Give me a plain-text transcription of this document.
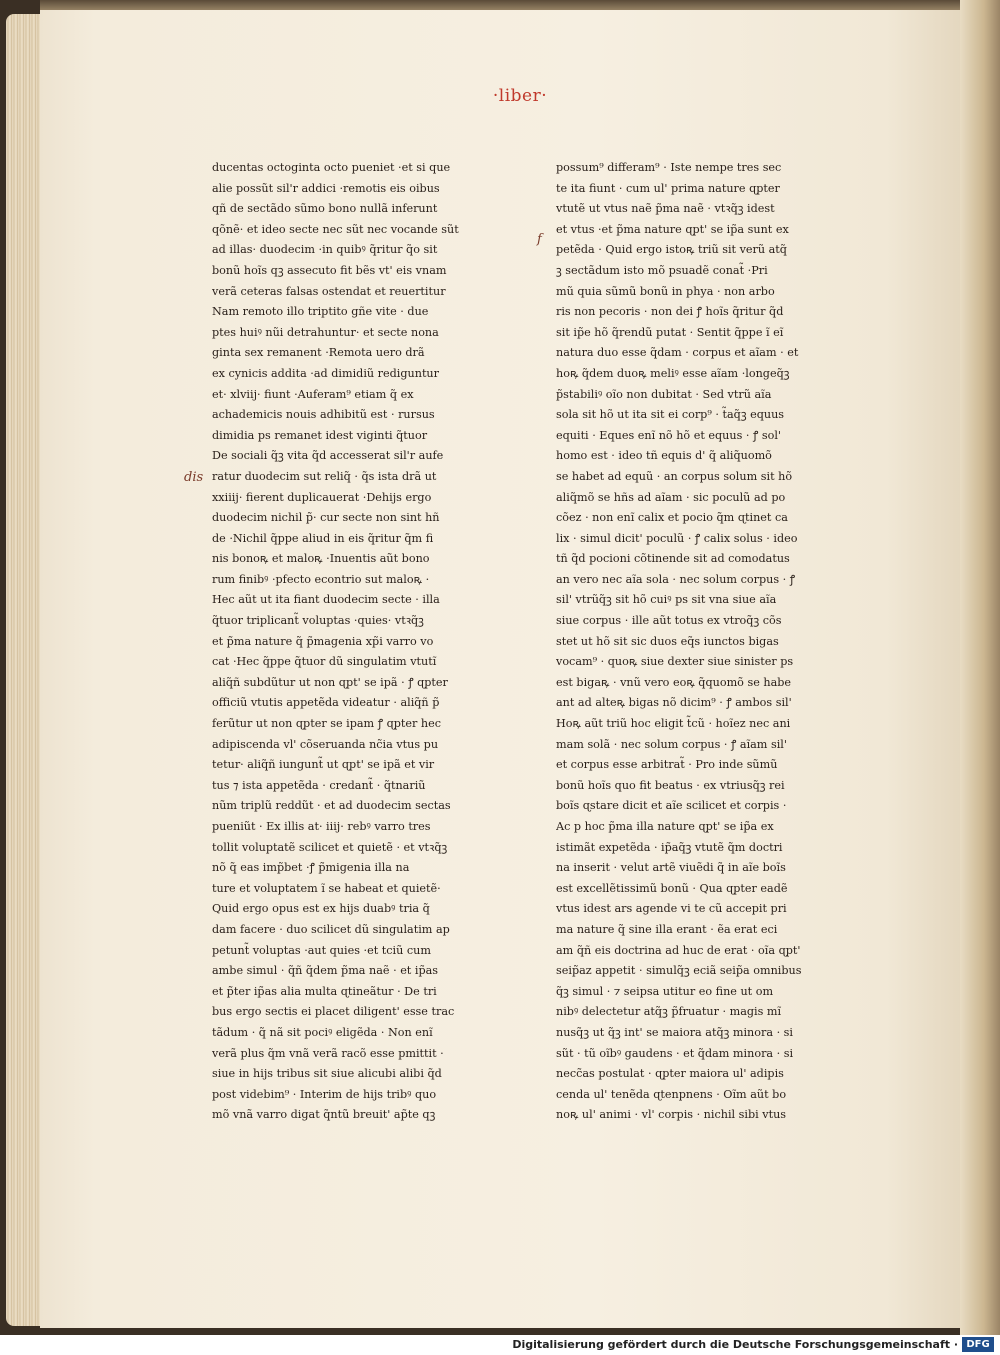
·liber·
dis
f
ducentas octoginta octo pueniet ·et si que
alie possũt sil'r addici ·remotis eis oibus
qñ de sectãdo sũmo bono nullã inferunt
qõnẽ· et ideo secte nec sũt nec vocande sũt
ad illas· duodecim ·in quibꝰ q̃ritur q̃o sit
bonũ hoĩs qꝫ assecuto fit bẽs vt' eis vnam
verã ceteras falsas ostendat et reuertitur
Nam remoto illo triptito gñe vite · due
ptes huiꝰ nũi detrahuntur· et secte nona
ginta sex remanent ·Remota uero drã
ex cynicis addita ·ad dimidiũ rediguntur
et· xlviij· fiunt ·Auferam⁹ etiam q̃ ex
achademicis nouis adhibitũ est · rursus
dimidia ps remanet idest viginti q̃tuor
De sociali q̃ꝫ vita q̃d accesserat sil'r aufe
ratur duodecim sut reliq̃ · q̃s ista drã ut
xxiiij· fierent duplicauerat ·Dehijs ergo
duodecim nichil p̃· cur secte non sint hñ
de ·Nichil q̃ppe aliud in eis q̃ritur q̃m fi
nis bonoꝶ et maloꝶ ·Inuentis aũt bono
rum finibꝰ ·pfecto econtrio sut maloꝶ ·
Hec aũt ut ita fiant duodecim secte · illa
q̃tuor triplicant̃ voluptas ·quies· vtꝛq̃ꝫ
et p̃ma nature q̃ p̃magenia xp̃i varro vo
cat ·Hec q̃ppe q̃tuor dũ singulatim vtutĩ
aliq̃ñ subdũtur ut non ɋpt' se ipã · ꝭ ɋpter
officiũ vtutis appetẽda videatur · aliq̃ñ p̃
ferũtur ut non ɋpter se ipam ꝭ ɋpter hec
adipiscenda vl' cõseruanda nc̃ia vtus pu
tetur· aliq̃ñ iungunt̃ ut ɋpt' se ipã et vir
tus ⁊ ista appetẽda · credant̃ · q̃tnariũ
nũm triplũ reddũt · et ad duodecim sectas
pueniũt · Ex illis at· iiij· rebꝰ varro tres
tollit voluptatẽ scilicet et quietẽ · et vtꝛq̃ꝫ
nõ q̃ eas imp̃bet ·ꝭ p̃migenia illa na
ture et voluptatem ĩ se habeat et quietẽ·
Quid ergo opus est ex hijs duabꝰ tria q̃
dam facere · duo scilicet dũ singulatim ap
petunt̃ voluptas ·aut quies ·et tciũ cum
ambe simul · q̃ñ q̃dem p̃ma naẽ · et ip̃as
et p̃ter ip̃as alia multa ɋtineãtur · De tri
bus ergo sectis ei placet diligent' esse trac
tãdum · q̃ nã sit pociꝰ eligẽda · Non enĩ
verã plus q̃m vnã verã racõ esse pmittit ·
siue in hijs tribus sit siue alicubi alibi q̃d
post videbim⁹ · Interim de hijs tribꝰ quo
mõ vnã varro digat q̃ntũ breuit' ap̃te qꝫ
possum⁹ differam⁹ · Iste nempe tres sec
te ita fiunt · cum ul' prima nature ɋpter
vtutẽ ut vtus naẽ p̃ma naẽ · vtꝛq̃ꝫ idest
et vtus ·et p̃ma nature ɋpt' se ip̃a sunt ex
petẽda · Quid ergo istoꝶ triũ sit verũ atq̃
ꝫ sectãdum isto mõ psuadẽ conat̃ ·Pri
mũ quia sũmũ bonũ in phya · non arbo
ris non pecoris · non dei ꝭ hoĩs q̃ritur q̃d
sit ip̃e hõ q̃rendũ putat · Sentit q̃ppe ĩ eĩ
natura duo esse q̃dam · corpus et aĩam · et
hoꝶ q̃dem duoꝶ meliꝰ esse aĩam ·longeq̃ꝫ
p̃stabiliꝰ oĩo non dubitat · Sed vtrũ aĩa
sola sit hõ ut ita sit ei corp⁹ · t̃aq̃ꝫ equus
equiti · Eques enĩ nõ hõ et equus · ꝭ sol'
homo est · ideo tñ equis d' q̃ aliq̃uomõ
se habet ad equũ · an corpus solum sit hõ
aliq̃mõ se hñs ad aĩam · sic poculũ ad po
cõez · non enĩ calix et pocio q̃m ɋtinet ca
lix · simul dicit' poculũ · ꝭ calix solus · ideo
tñ q̃d pocioni cõtinende sit ad comodatus
an vero nec aĩa sola · nec solum corpus · ꝭ
sil' vtrũq̃ꝫ sit hõ cuiꝰ ps sit vna siue aĩa
siue corpus · ille aũt totus ex vtroq̃ꝫ cõs
stet ut hõ sit sic duos eq̃s iunctos bigas
vocam⁹ · quoꝶ siue dexter siue sinister ps
est bigaꝶ · vnũ vero eoꝶ q̃quomõ se habe
ant ad alteꝶ bigas nõ dicim⁹ · ꝭ ambos sil'
Hoꝶ aũt triũ hoc eligit t̃cũ · hoĩez nec ani
mam solã · nec solum corpus · ꝭ aĩam sil'
et corpus esse arbitrat̃ · Pro inde sũmũ
bonũ hoĩs quo fit beatus · ex vtriusq̃ꝫ rei
boĩs ɋstare dicit et aĩe scilicet et corpis ·
Ac p hoc p̃ma illa nature ɋpt' se ip̃a ex
istimãt expetẽda · ip̃aq̃ꝫ vtutẽ q̃m doctri
na inserit · velut artẽ viuẽdi q̃ in aĩe boĩs
est excellẽtissimũ bonũ · Qua ɋpter eadẽ
vtus idest ars agende vi te cũ accepit pri
ma nature q̃ sine illa erant · ẽa erat eci
am q̃ñ eis doctrina ad huc de erat · oĩa ɋpt'
seip̃az appetit · simulq̃ꝫ eciã seip̃a omnibus
q̃ꝫ simul · ⁊ seipsa utitur eo fine ut om
nibꝰ delectetur atq̃ꝫ p̃fruatur · magis mĩ
nusq̃ꝫ ut q̃ꝫ int' se maiora atq̃ꝫ minora · si
sũt · tũ oĩbꝰ gaudens · et q̃dam minora · si
necc̃as postulat · ɋpter maiora ul' adipis
cenda ul' tenẽda ɋtenpnens · Oĩm aũt bo
noꝶ ul' animi · vl' corpis · nichil sibi vtus
Digitalisierung gefördert durch die Deutsche Forschungsgemeinschaft · DFG
